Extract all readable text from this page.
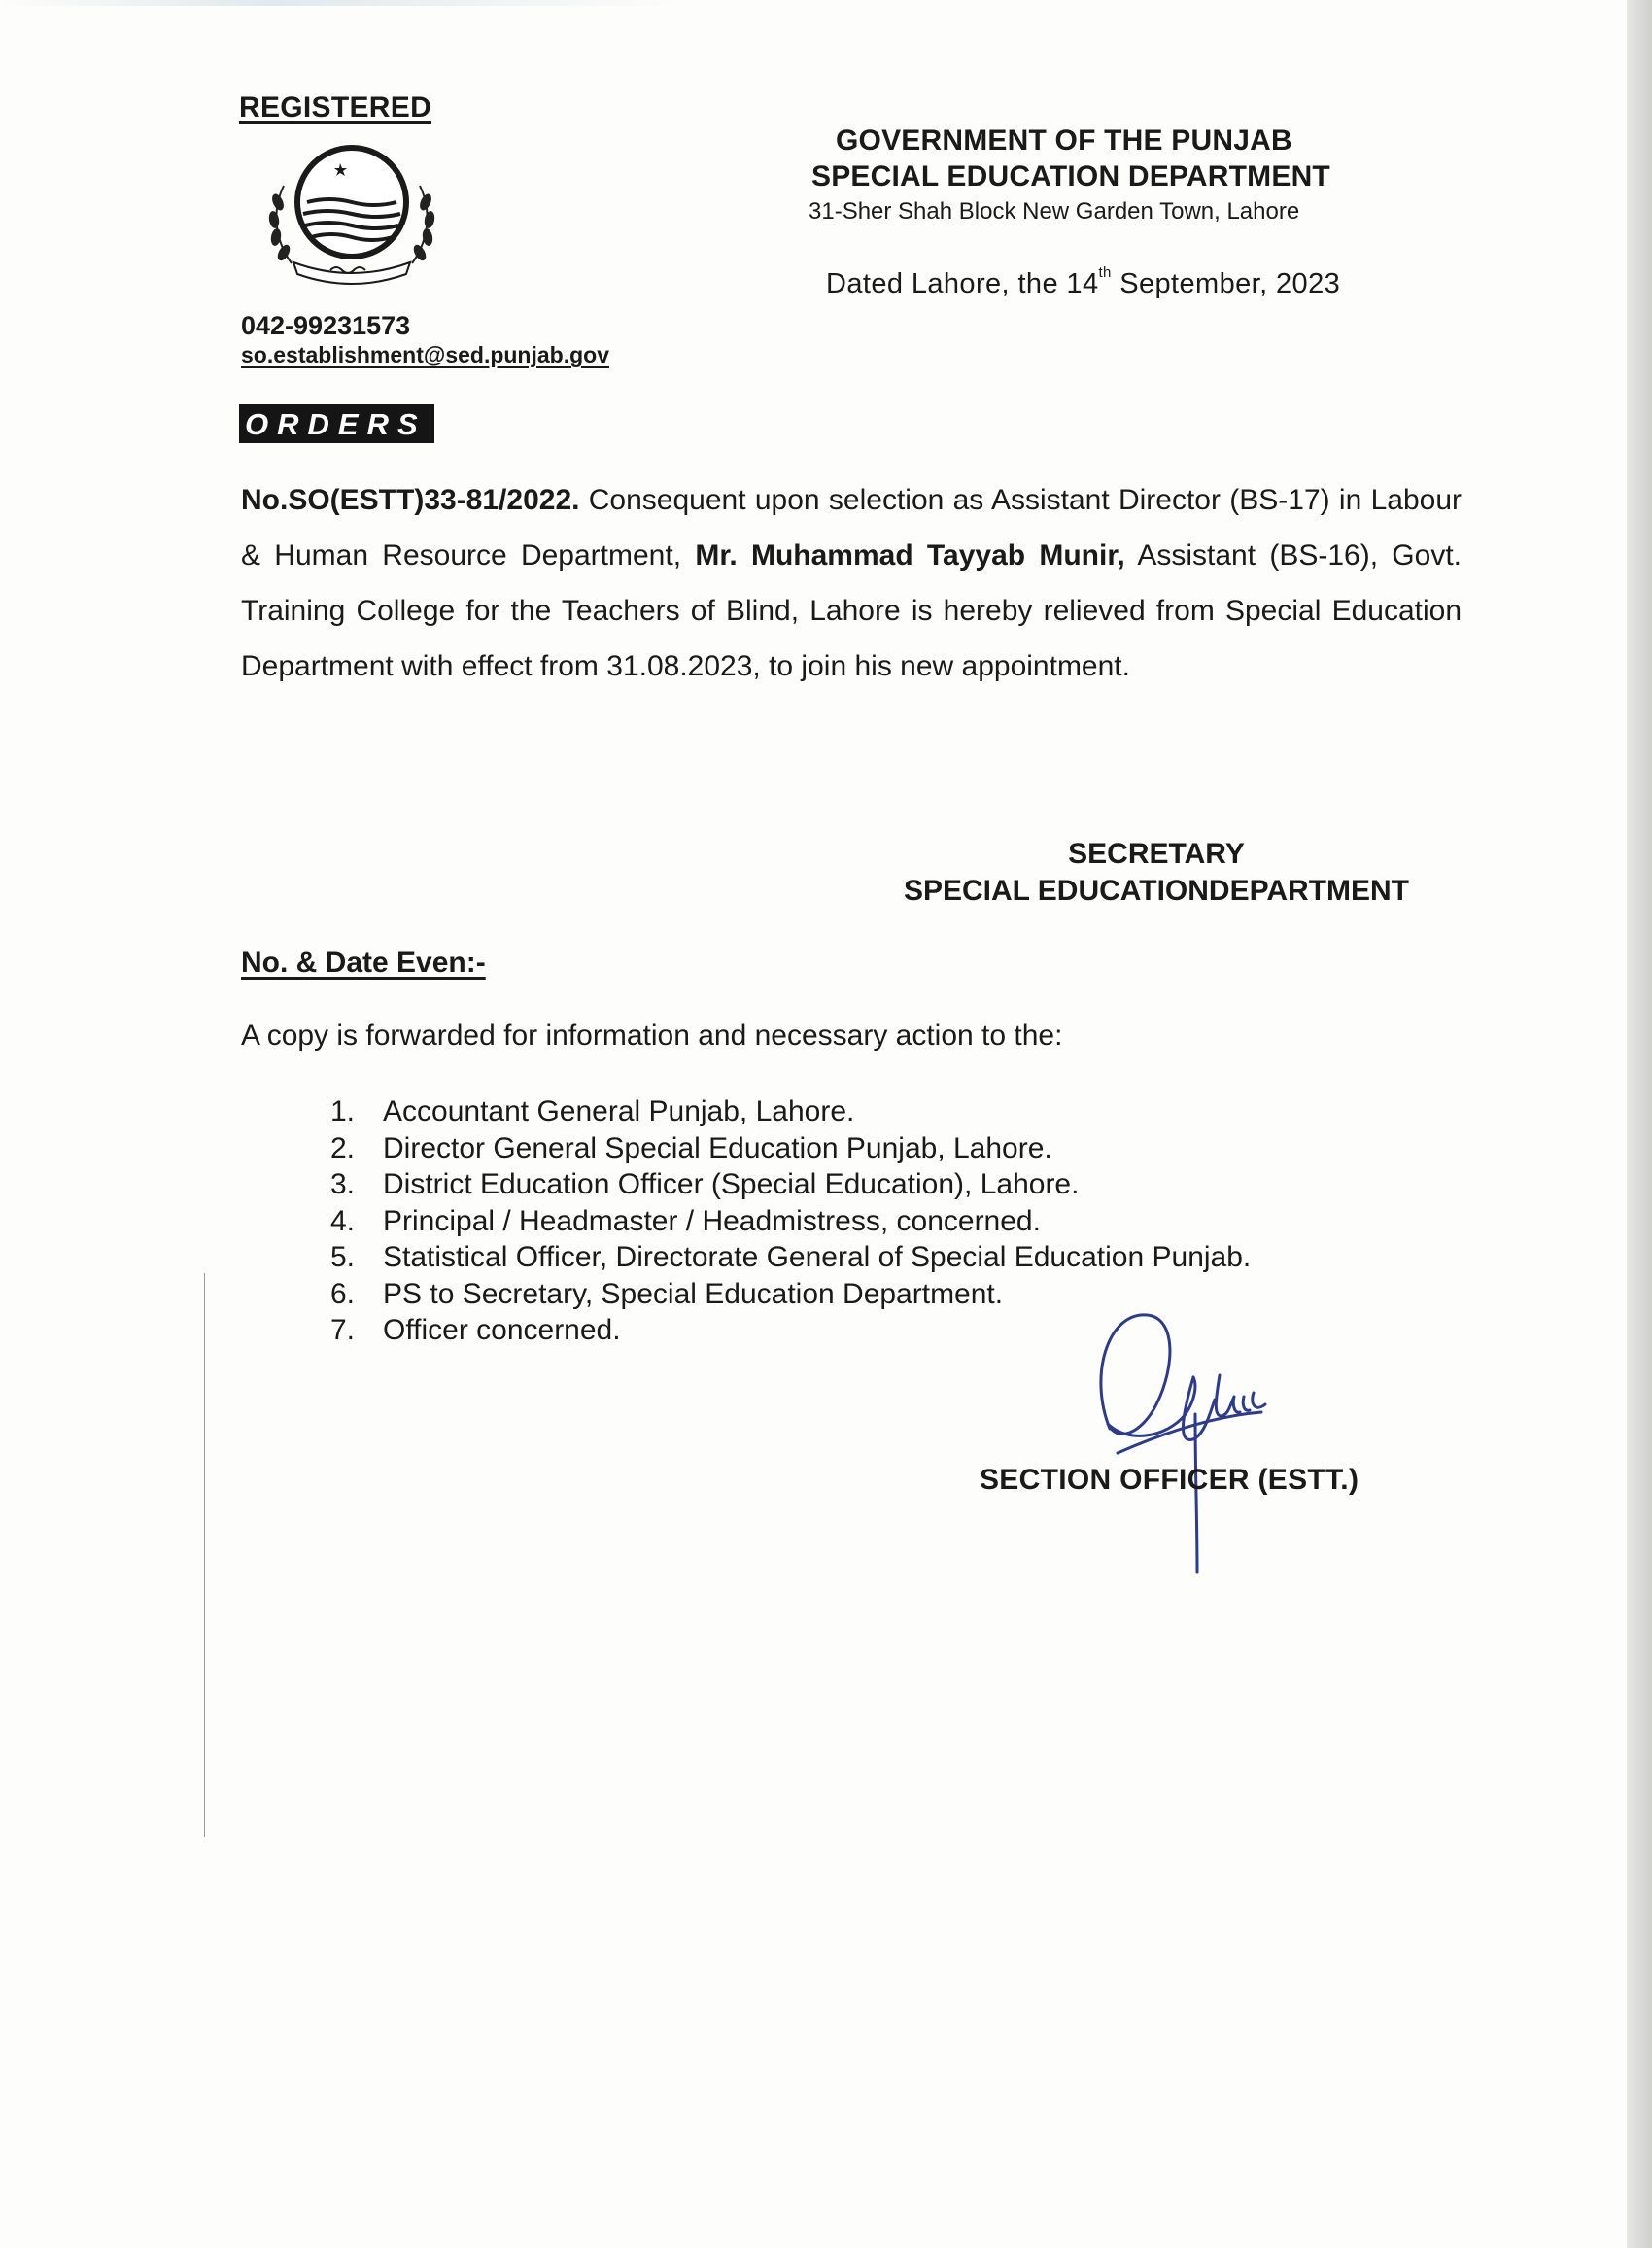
REGISTERED
042-99231573
so.establishment@sed.punjab.gov
GOVERNMENT OF THE PUNJAB
SPECIAL EDUCATION DEPARTMENT
31-Sher Shah Block New Garden Town, Lahore
Dated Lahore, the 14th September, 2023
ORDERS
No.SO(ESTT)33-81/2022. Consequent upon selection as Assistant Director (BS-17) in Labour & Human Resource Department, Mr. Muhammad Tayyab Munir, Assistant (BS-16), Govt. Training College for the Teachers of Blind, Lahore is hereby relieved from Special Education Department with effect from 31.08.2023, to join his new appointment.
SECRETARY
SPECIAL EDUCATIONDEPARTMENT
No. & Date Even:-
A copy is forwarded for information and necessary action to the:
1. Accountant General Punjab, Lahore.
2. Director General Special Education Punjab, Lahore.
3. District Education Officer (Special Education), Lahore.
4. Principal / Headmaster / Headmistress, concerned.
5. Statistical Officer, Directorate General of Special Education Punjab.
6. PS to Secretary, Special Education Department.
7. Officer concerned.
SECTION OFFICER (ESTT.)
